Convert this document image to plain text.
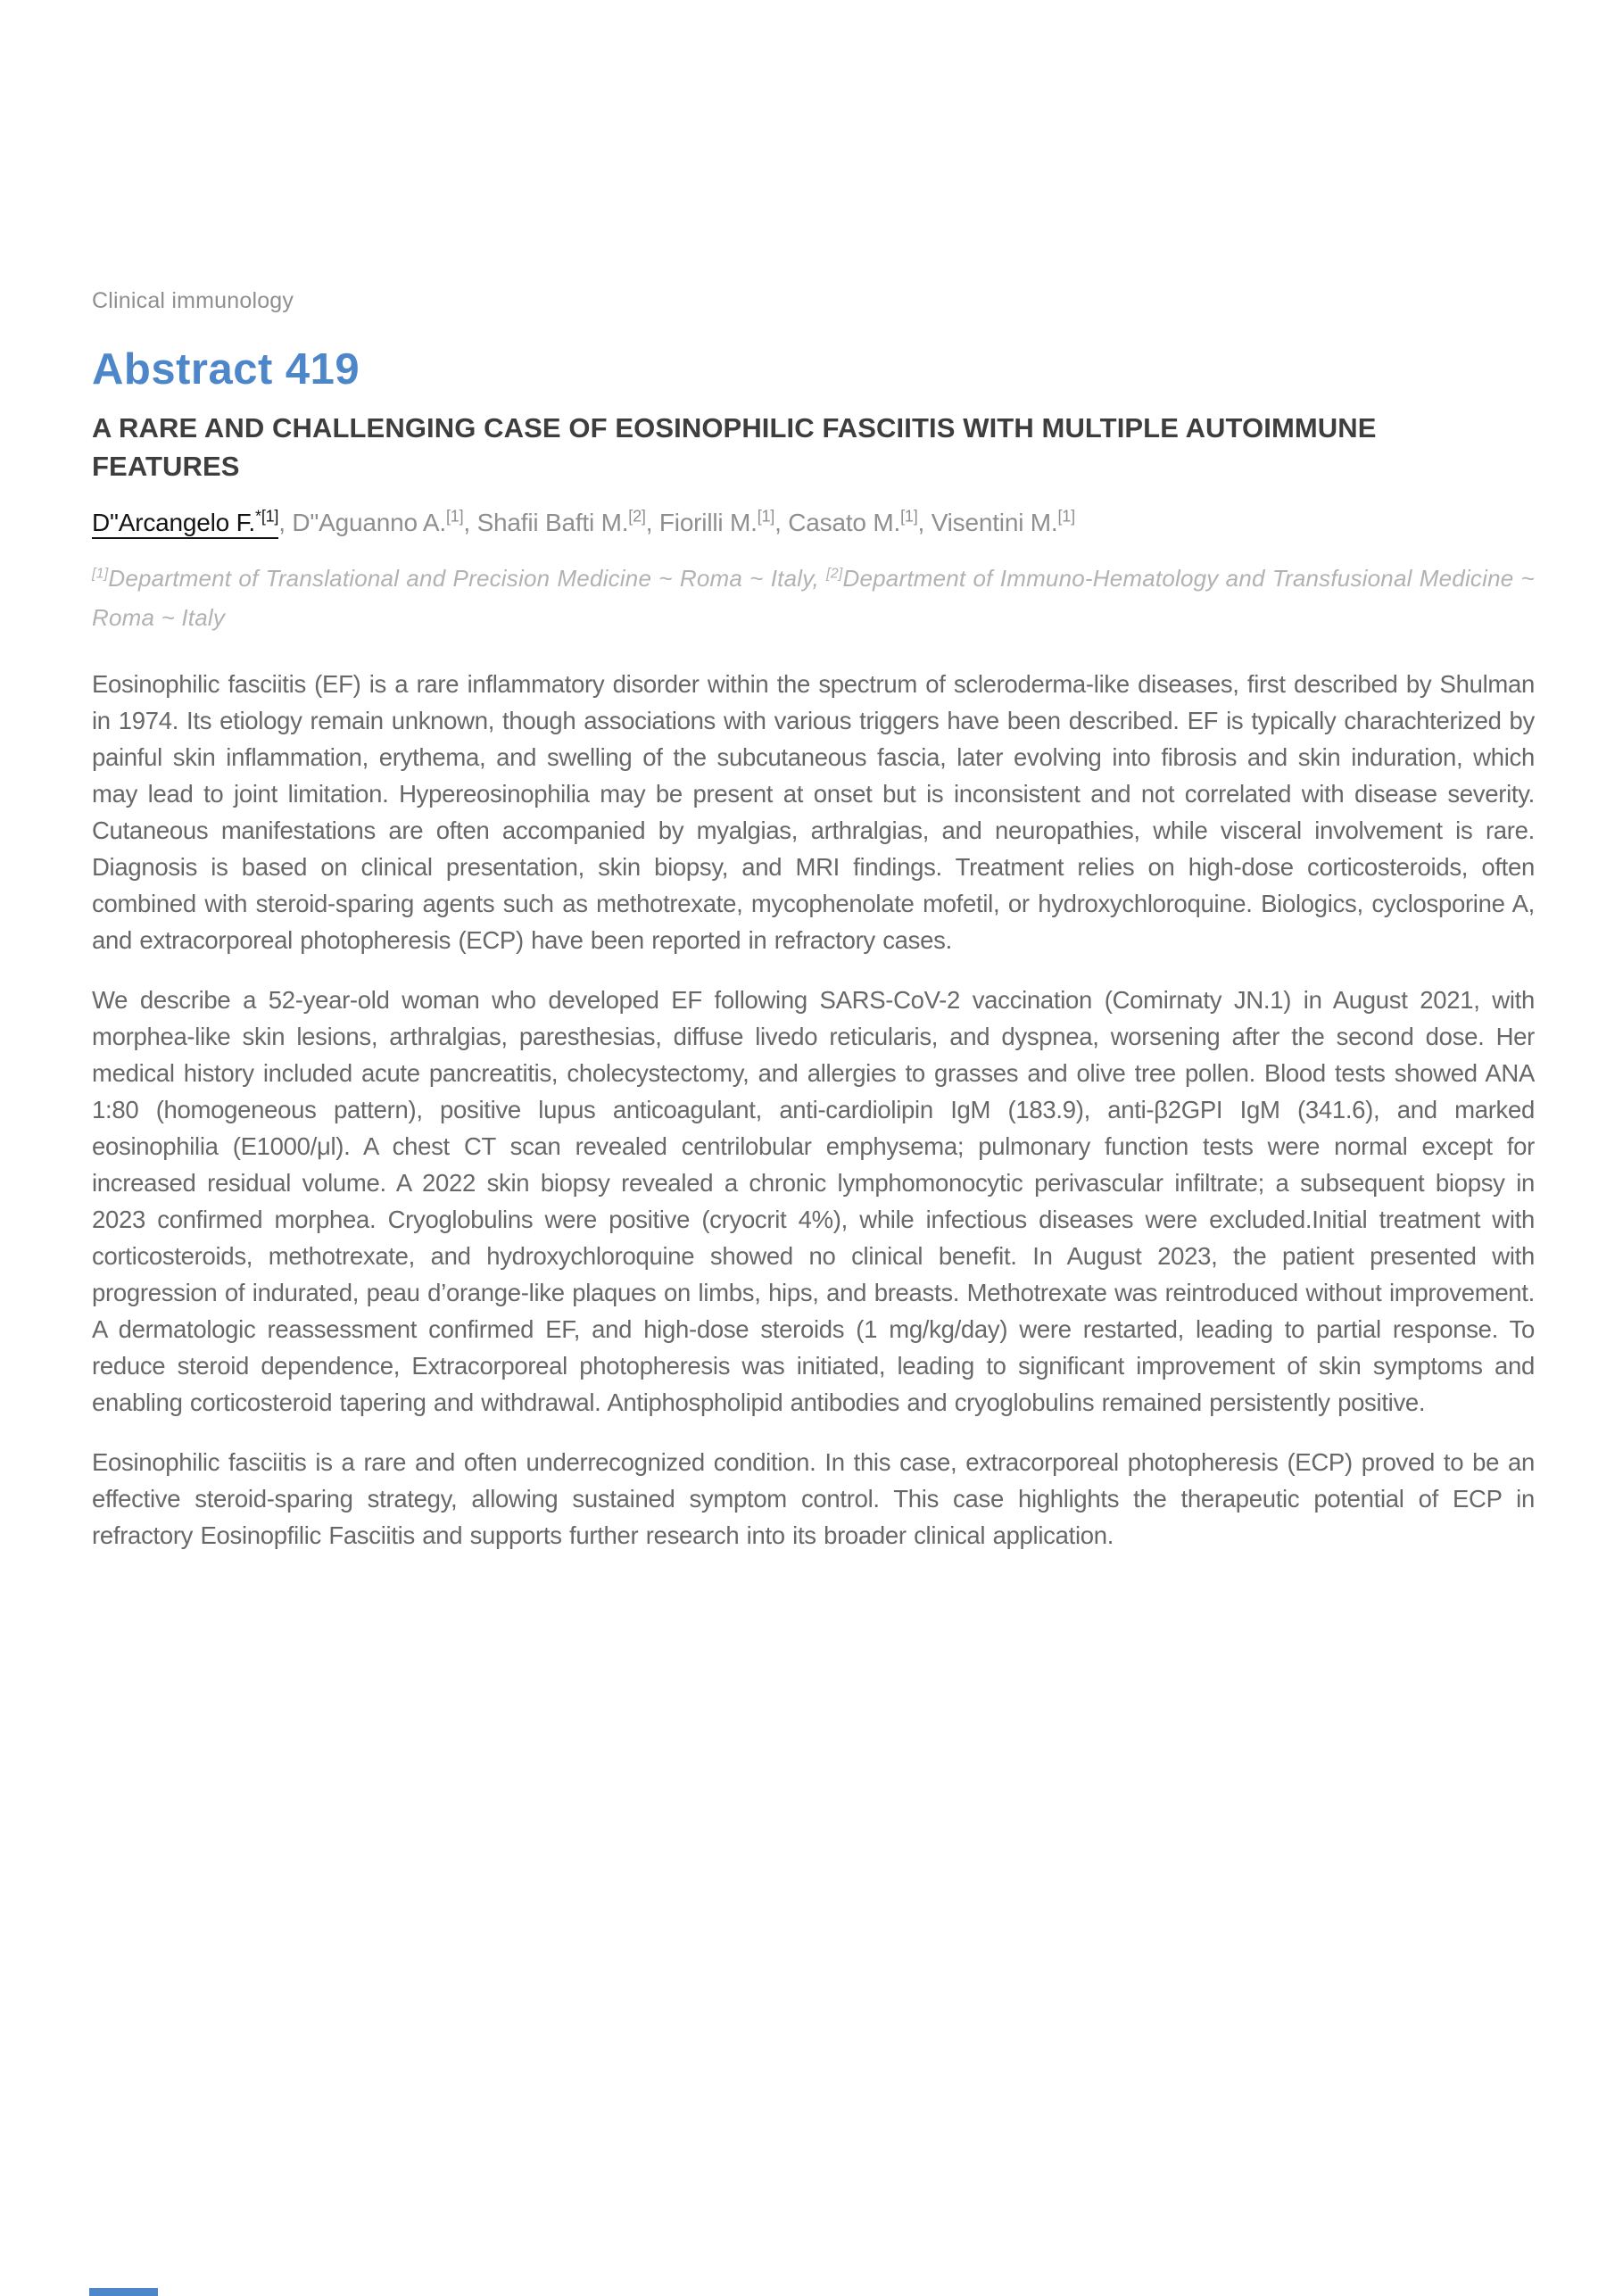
Clinical immunology
Abstract 419
A RARE AND CHALLENGING CASE OF EOSINOPHILIC FASCIITIS WITH MULTIPLE AUTOIMMUNE FEATURES
D"Arcangelo F.$^{*[1]}$, D"Aguanno A.[1], Shafii Bafti M.[2], Fiorilli M.[1], Casato M.[1], Visentini M.[1]
[1]Department of Translational and Precision Medicine ~ Roma ~ Italy, [2]Department of Immuno-Hematology and Transfusional Medicine ~ Roma ~ Italy

Eosinophilic fasciitis (EF) is a rare inflammatory disorder within the spectrum of scleroderma-like diseases, first described by Shulman in 1974. Its etiology remain unknown, though associations with various triggers have been described. EF is typically charachterized by painful skin inflammation, erythema, and swelling of the subcutaneous fascia, later evolving into fibrosis and skin induration, which may lead to joint limitation. Hypereosinophilia may be present at onset but is inconsistent and not correlated with disease severity. Cutaneous manifestations are often accompanied by myalgias, arthralgias, and neuropathies, while visceral involvement is rare. Diagnosis is based on clinical presentation, skin biopsy, and MRI findings. Treatment relies on high-dose corticosteroids, often combined with steroid-sparing agents such as methotrexate, mycophenolate mofetil, or hydroxychloroquine. Biologics, cyclosporine A, and extracorporeal photopheresis (ECP) have been reported in refractory cases.

We describe a 52-year-old woman who developed EF following SARS-CoV-2 vaccination (Comirnaty JN.1) in August 2021, with morphea-like skin lesions, arthralgias, paresthesias, diffuse livedo reticularis, and dyspnea, worsening after the second dose. Her medical history included acute pancreatitis, cholecystectomy, and allergies to grasses and olive tree pollen. Blood tests showed ANA 1:80 (homogeneous pattern), positive lupus anticoagulant, anti-cardiolipin IgM (183.9), anti-β2GPI IgM (341.6), and marked eosinophilia (E1000/μl). A chest CT scan revealed centrilobular emphysema; pulmonary function tests were normal except for increased residual volume. A 2022 skin biopsy revealed a chronic lymphomonocytic perivascular infiltrate; a subsequent biopsy in 2023 confirmed morphea. Cryoglobulins were positive (cryocrit 4%), while infectious diseases were excluded.Initial treatment with corticosteroids, methotrexate, and hydroxychloroquine showed no clinical benefit. In August 2023, the patient presented with progression of indurated, peau d’orange-like plaques on limbs, hips, and breasts. Methotrexate was reintroduced without improvement. A dermatologic reassessment confirmed EF, and high-dose steroids (1 mg/kg/day) were restarted, leading to partial response. To reduce steroid dependence, Extracorporeal photopheresis was initiated, leading to significant improvement of skin symptoms and enabling corticosteroid tapering and withdrawal. Antiphospholipid antibodies and cryoglobulins remained persistently positive.

Eosinophilic fasciitis is a rare and often underrecognized condition. In this case, extracorporeal photopheresis (ECP) proved to be an effective steroid-sparing strategy, allowing sustained symptom control. This case highlights the therapeutic potential of ECP in refractory Eosinopfilic Fasciitis and supports further research into its broader clinical application.
